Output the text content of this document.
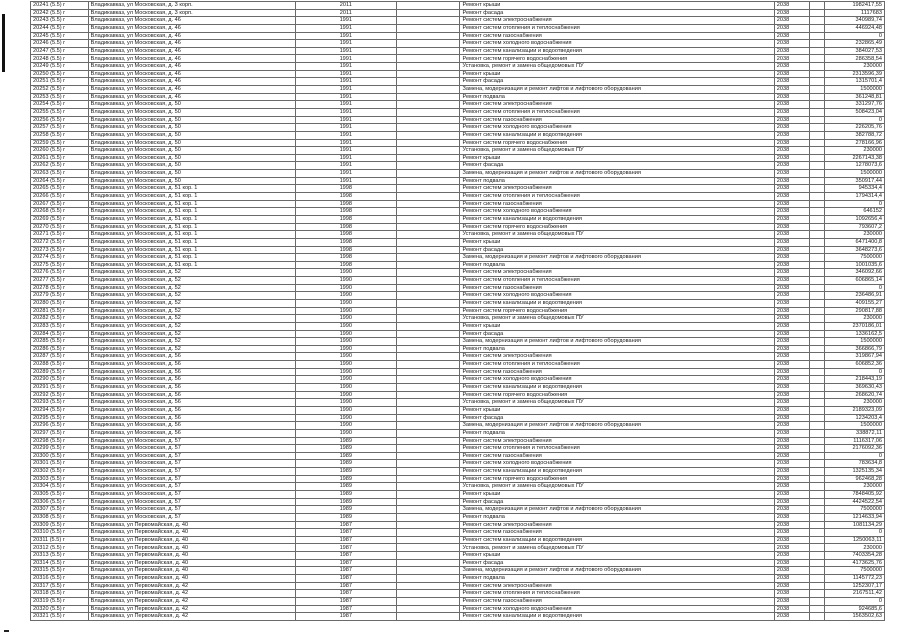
20241 (5.5) г	Владикавказ, ул Московская, д. 3 корп.	2011		Ремонт крыши	2038		1982417,55
20242 (5.5) г	Владикавказ, ул Московская, д. 3 корп.	2011		Ремонт фасада	2038		1117683
20243 (5.5) г	Владикавказ, ул Московская, д. 46	1991		Ремонт систем электроснабжения	2038		340989,74
20244 (5.5) г	Владикавказ, ул Московская, д. 46	1991		Ремонт систем отопления и теплоснабжения	2038		446924,48
20245 (5.5) г	Владикавказ, ул Московская, д. 46	1991		Ремонт систем газоснабжения	2038		0
20246 (5.5) г	Владикавказ, ул Московская, д. 46	1991		Ремонт систем холодного водоснабжения	2038		232865,49
20247 (5.5) г	Владикавказ, ул Московская, д. 46	1991		Ремонт систем канализации и водоотведения	2038		384027,53
20248 (5.5) г	Владикавказ, ул Московская, д. 46	1991		Ремонт систем горячего водоснабжения	2038		286358,54
20249 (5.5) г	Владикавказ, ул Московская, д. 46	1991		Установка, ремонт и замена общедомовых ПУ	2038		230000
20250 (5.5) г	Владикавказ, ул Московская, д. 46	1991		Ремонт крыши	2038		2313596,39
20251 (5.5) г	Владикавказ, ул Московская, д. 46	1991		Ремонт фасада	2038		1315701,4
20252 (5.5) г	Владикавказ, ул Московская, д. 46	1991		Замена, модернизация и ремонт лифтов и лифтового оборудования	2038		1500000
20253 (5.5) г	Владикавказ, ул Московская, д. 46	1991		Ремонт подвала	2038		361248,81
20254 (5.5) г	Владикавказ, ул Московская, д. 50	1991		Ремонт систем электроснабжения	2038		331297,76
20255 (5.5) г	Владикавказ, ул Московская, д. 50	1991		Ремонт систем отопления и теплоснабжения	2038		508423,04
20256 (5.5) г	Владикавказ, ул Московская, д. 50	1991		Ремонт систем газоснабжения	2038		0
20257 (5.5) г	Владикавказ, ул Московская, д. 50	1991		Ремонт систем холодного водоснабжения	2038		226205,76
20258 (5.5) г	Владикавказ, ул Московская, д. 50	1991		Ремонт систем канализации и водоотведения	2038		382788,72
20259 (5.5) г	Владикавказ, ул Московская, д. 50	1991		Ремонт систем горячего водоснабжения	2038		278166,96
20260 (5.5) г	Владикавказ, ул Московская, д. 50	1991		Установка, ремонт и замена общедомовых ПУ	2038		230000
20261 (5.5) г	Владикавказ, ул Московская, д. 50	1991		Ремонт крыши	2038		2267143,38
20262 (5.5) г	Владикавказ, ул Московская, д. 50	1991		Ремонт фасада	2038		1278073,6
20263 (5.5) г	Владикавказ, ул Московская, д. 50	1991		Замена, модернизация и ремонт лифтов и лифтового оборудования	2038		1500000
20264 (5.5) г	Владикавказ, ул Московская, д. 50	1991		Ремонт подвала	2038		350917,44
20265 (5.5) г	Владикавказ, ул Московская, д. 51 кор. 1	1998		Ремонт систем электроснабжения	2038		945334,4
20266 (5.5) г	Владикавказ, ул Московская, д. 51 кор. 1	1998		Ремонт систем отопления и теплоснабжения	2038		1794314,4
20267 (5.5) г	Владикавказ, ул Московская, д. 51 кор. 1	1998		Ремонт систем газоснабжения	2038		0
20268 (5.5) г	Владикавказ, ул Московская, д. 51 кор. 1	1998		Ремонт систем холодного водоснабжения	2038		646152
20269 (5.5) г	Владикавказ, ул Московская, д. 51 кор. 1	1998		Ремонт систем канализации и водоотведения	2038		1092656,4
20270 (5.5) г	Владикавказ, ул Московская, д. 51 кор. 1	1998		Ремонт систем горячего водоснабжения	2038		793607,2
20271 (5.5) г	Владикавказ, ул Московская, д. 51 кор. 1	1998		Установка, ремонт и замена общедомовых ПУ	2038		230000
20272 (5.5) г	Владикавказ, ул Московская, д. 51 кор. 1	1998		Ремонт крыши	2038		6471400,8
20273 (5.5) г	Владикавказ, ул Московская, д. 51 кор. 1	1998		Ремонт фасада	2038		3648273,6
20274 (5.5) г	Владикавказ, ул Московская, д. 51 кор. 1	1998		Замена, модернизация и ремонт лифтов и лифтового оборудования	2038		7500000
20275 (5.5) г	Владикавказ, ул Московская, д. 51 кор. 1	1998		Ремонт подвала	2038		1001035,6
20276 (5.5) г	Владикавказ, ул Московская, д. 52	1990		Ремонт систем электроснабжения	2038		346092,66
20277 (5.5) г	Владикавказ, ул Московская, д. 52	1990		Ремонт систем отопления и теплоснабжения	2038		606865,14
20278 (5.5) г	Владикавказ, ул Московская, д. 52	1990		Ремонт систем газоснабжения	2038		0
20279 (5.5) г	Владикавказ, ул Московская, д. 52	1990		Ремонт систем холодного водоснабжения	2038		236486,91
20280 (5.5) г	Владикавказ, ул Московская, д. 52	1990		Ремонт систем канализации и водоотведения	2038		409155,27
20281 (5.5) г	Владикавказ, ул Московская, д. 52	1990		Ремонт систем горячего водоснабжения	2038		290817,88
20282 (5.5) г	Владикавказ, ул Московская, д. 52	1990		Установка, ремонт и замена общедомовых ПУ	2038		230000
20283 (5.5) г	Владикавказ, ул Московская, д. 52	1990		Ремонт крыши	2038		2370186,01
20284 (5.5) г	Владикавказ, ул Московская, д. 52	1990		Ремонт фасада	2038		1336162,5
20285 (5.5) г	Владикавказ, ул Московская, д. 52	1990		Замена, модернизация и ремонт лифтов и лифтового оборудования	2038		1500000
20286 (5.5) г	Владикавказ, ул Московская, д. 52	1990		Ремонт подвала	2038		366866,79
20287 (5.5) г	Владикавказ, ул Московская, д. 56	1990		Ремонт систем электроснабжения	2038		319867,94
20288 (5.5) г	Владикавказ, ул Московская, д. 56	1990		Ремонт систем отопления и теплоснабжения	2038		606852,36
20289 (5.5) г	Владикавказ, ул Московская, д. 56	1990		Ремонт систем газоснабжения	2038		0
20290 (5.5) г	Владикавказ, ул Московская, д. 56	1990		Ремонт систем холодного водоснабжения	2038		218443,19
20291 (5.5) г	Владикавказ, ул Московская, д. 56	1990		Ремонт систем канализации и водоотведения	2038		369630,43
20292 (5.5) г	Владикавказ, ул Московская, д. 56	1990		Ремонт систем горячего водоснабжения	2038		268620,74
20293 (5.5) г	Владикавказ, ул Московская, д. 56	1990		Установка, ремонт и замена общедомовых ПУ	2038		230000
20294 (5.5) г	Владикавказ, ул Московская, д. 56	1990		Ремонт крыши	2038		2189323,09
20295 (5.5) г	Владикавказ, ул Московская, д. 56	1990		Ремонт фасада	2038		1234203,4
20296 (5.5) г	Владикавказ, ул Московская, д. 56	1990		Замена, модернизация и ремонт лифтов и лифтового оборудования	2038		1500000
20297 (5.5) г	Владикавказ, ул Московская, д. 56	1990		Ремонт подвала	2038		338872,11
20298 (5.5) г	Владикавказ, ул Московская, д. 57	1989		Ремонт систем электроснабжения	2038		1116317,06
20299 (5.5) г	Владикавказ, ул Московская, д. 57	1989		Ремонт систем отопления и теплоснабжения	2038		2176092,36
20300 (5.5) г	Владикавказ, ул Московская, д. 57	1989		Ремонт систем газоснабжения	2038		0
20301 (5.5) г	Владикавказ, ул Московская, д. 57	1989		Ремонт систем холодного водоснабжения	2038		783634,8
20302 (5.5) г	Владикавказ, ул Московская, д. 57	1989		Ремонт систем канализации и водоотведения	2038		1325135,34
20303 (5.5) г	Владикавказ, ул Московская, д. 57	1989		Ремонт систем горячего водоснабжения	2038		962468,28
20304 (5.5) г	Владикавказ, ул Московская, д. 57	1989		Установка, ремонт и замена общедомовых ПУ	2038		230000
20305 (5.5) г	Владикавказ, ул Московская, д. 57	1989		Ремонт крыши	2038		7848405,92
20306 (5.5) г	Владикавказ, ул Московская, д. 57	1989		Ремонт фасада	2038		4424522,54
20307 (5.5) г	Владикавказ, ул Московская, д. 57	1989		Замена, модернизация и ремонт лифтов и лифтового оборудования	2038		7500000
20308 (5.5) г	Владикавказ, ул Московская, д. 57	1989		Ремонт подвала	2038		1214633,94
20309 (5.5) г	Владикавказ, ул Первомайская, д. 40	1987		Ремонт систем электроснабжения	2038		1081134,29
20310 (5.5) г	Владикавказ, ул Первомайская, д. 40	1987		Ремонт систем газоснабжения	2038		0
20311 (5.5) г	Владикавказ, ул Первомайская, д. 40	1987		Ремонт систем канализации и водоотведения	2038		1250063,11
20312 (5.5) г	Владикавказ, ул Первомайская, д. 40	1987		Установка, ремонт и замена общедомовых ПУ	2038		230000
20313 (5.5) г	Владикавказ, ул Первомайская, д. 40	1987		Ремонт крыши	2038		7403354,28
20314 (5.5) г	Владикавказ, ул Первомайская, д. 40	1987		Ремонт фасада	2038		4173625,76
20315 (5.5) г	Владикавказ, ул Первомайская, д. 40	1987		Замена, модернизация и ремонт лифтов и лифтового оборудования	2038		7500000
20316 (5.5) г	Владикавказ, ул Первомайская, д. 40	1987		Ремонт подвала	2038		1145772,23
20317 (5.5) г	Владикавказ, ул Первомайская, д. 42	1987		Ремонт систем электроснабжения	2038		1252307,17
20318 (5.5) г	Владикавказ, ул Первомайская, д. 42	1987		Ремонт систем отопления и теплоснабжения	2038		2167511,42
20319 (5.5) г	Владикавказ, ул Первомайская, д. 42	1987		Ремонт систем газоснабжения	2038		0
20320 (5.5) г	Владикавказ, ул Первомайская, д. 42	1987		Ремонт систем холодного водоснабжения	2038		924685,6
20321 (5.5) г	Владикавказ, ул Первомайская, д. 42	1987		Ремонт систем канализации и водоотведения	2038		1563502,63
